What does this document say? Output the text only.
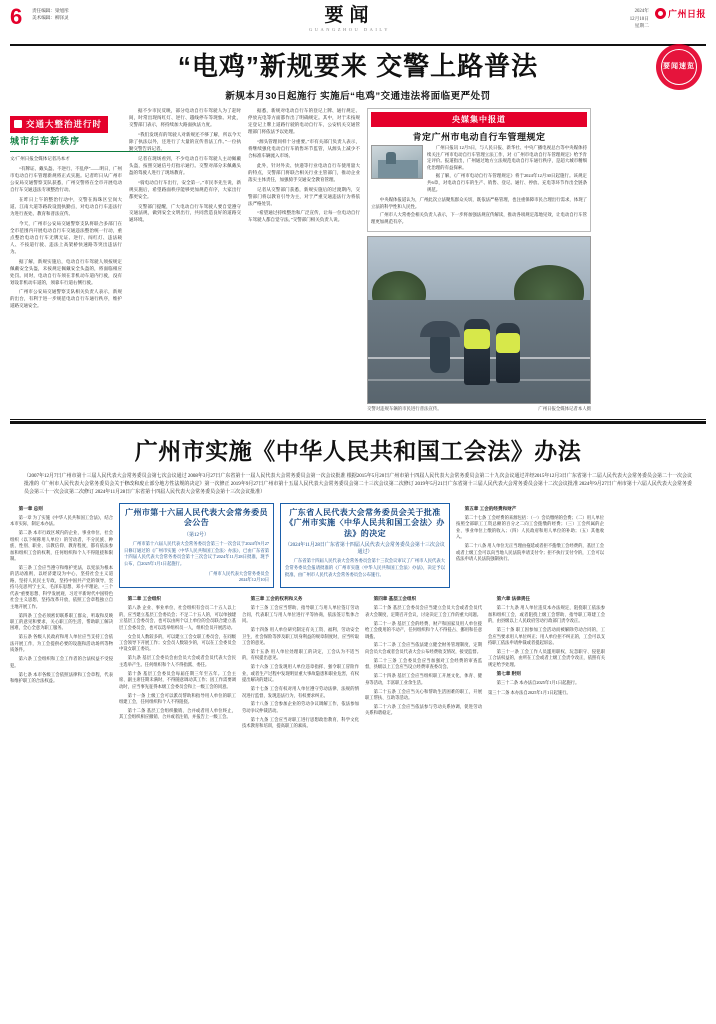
6	责任编辑：梁旭彤
美术编辑：柳泽灵	要闻
GUANGZHOU DAILY
2024年
12月10日
星期二
广州日报
要闻速览
“电鸡”新规要来 交警上路普法
新规本月30日起施行 实施后“电鸡”交通违法将面临更严处罚
交通大整治进行时
城市行车新秩序

文/广州日报全媒体记者冯本才

“有牌证、戴头盔、不逆行、不乱停”——明日，广州市电动自行车管理新规将正式实施。记者昨日从广州市公安局交通警察支队获悉，广州交警将在全市开展电动自行车交通违法专项整治行动。

在昨日上午的整治行动中，交警在海珠区宝岗大道、江南大道等路段设置执勤点，对电动自行车违法行为进行查处、教育和普法宣传。

今天，广州市公安局交通警察支队将联合多部门在全市范围内开展电动自行车交通违法整治统一行动，重点整治电动自行车无牌无证、逆行、闯红灯、违法载人、不按道行驶、违法上高架桥快速路等突出违法行为。

据了解，新规实施后，电动自行车驾驶人须按规定佩戴安全头盔，未按规定佩戴安全头盔的，将面临相应处罚。同时，电动自行车须在非机动车道内行驶，没有划设非机动车道的，须靠车行道右侧行驶。

广州市公安局交通警察支队相关负责人表示，新规的出台，有利于进一步规范电动自行车通行秩序，维护道路交通安全。

据不少市民反映，部分电动自行车驾驶人为了赶时间，时常出现闯红灯、逆行、越线停车等现象。对此，交警部门表示，将持续加大路面执法力度。

“我们发现有的驾驶人对新规还不够了解，所以今天除了执法以外，还进行了大量的宣传普法工作。”一位执勤交警告诉记者。

记者在现场看到，不少电动自行车驾驶人主动佩戴头盔，按照交通信号灯指示通行。交警对部分未佩戴头盔的驾驶人进行了现场教育。

“骑电动自行车出行，安全第一。”市民李先生说，新规实施后，希望路面秩序能够更加规范有序，大家出行都更安全。

交警部门提醒，广大电动自行车驾驶人要自觉遵守交通法规，做到安全文明出行，共同营造良好的道路交通环境。

据悉，新规对电动自行车的登记上牌、通行规定、停放充电等方面都作出了明确规定。其中，对于未按规定登记上牌上道路行驶的电动自行车，公安机关交通管理部门将依法予以处理。

“源头管理同样十分重要。”市有关部门负责人表示，将继续强化电动自行车销售环节监管，从源头上减少不合标准车辆流入市场。

此外，针对外卖、快递等行业电动自行车使用量大的特点，交警部门将联合相关行业主管部门，推动企业落实主体责任，加强骑手交通安全教育管理。

记者从交警部门获悉，新规实施后的过渡期内，交警部门将以教育引导为主，对于严重交通违法行为将依法严格处罚。

“希望通过持续整治和广泛宣传，让每一位电动自行车驾驶人都自觉守法。”交警部门相关负责人说。

央媒集中报道
肯定广州市电动自行车管理规定

广州日报讯 12月5日，与人民日报、新华社、中央广播电视总台等中央媒体持续关注广州市电动自行车管理立法工作，对《广州市电动自行车管理规定》给予肯定评价。报道指出，广州通过地方立法规范电动自行车通行秩序，是超大城市精细化治理的有益探索。

据了解，《广州市电动自行车管理规定》将于2024年12月30日起施行。该规定共6章，对电动自行车的生产、销售、登记、通行、停放、充电等环节作出全链条规范。

中央媒体报道认为，广州此次立法聚焦群众关切，既依法严格管理，也注重保障市民合理出行需求，体现了立法的科学性和人民性。

广州市人大常委会相关负责人表示，下一步将加强法规宣传解读，推动各项规定落地见效，让电动自行车管理更加规范有序。

交警对违规车辆的市民进行普法宣传。	广州日报全媒体记者本人摄
广州市实施《中华人民共和国工会法》办法
（2007年12月7日广州市第十三届人民代表大会常务委员会第七次会议通过 2008年3月27日广东省第十一届人民代表大会常务委员会第一次会议批准 根据2015年5月20日广州市第十四届人民代表大会常务委员会第二十九次会议通过并经2015年12月3日广东省第十二届人民代表大会常务委员会第二十一次会议批准的《广州市人民代表大会常务委员会关于修改和废止部分地方性法规的决定》第一次修正 2019年9月27日广州市第十五届人民代表大会常务委员会第二十三次会议第二次修订 2019年5月21日广东省第十三届人民代表大会常务委员会第十二次会议批准 2024年9月27日广州市第十六届人民代表大会常务委员会第三十一次会议第二次修订 2024年11月28日广东省第十四届人民代表大会常务委员会第十三次会议批准）
第一章 总则

第一章 为了实施《中华人民共和国工会法》，结合本市实际，制定本办法。

第二条 本市行政区域内的企业、事业单位、社会组织（以下统称用人单位）的劳动者，不分民族、种族、性别、职业、宗教信仰、教育程度，都有依法参加和组织工会的权利，任何组织和个人不得阻挠和限制。

第三条 工会应当遵守和维护宪法，以宪法为根本的活动准则，以经济建设为中心，坚持社会主义道路，坚持人民民主专政，坚持中国共产党的领导，坚持马克思列宁主义、毛泽东思想、邓小平理论、“三个代表”重要思想、科学发展观、习近平新时代中国特色社会主义思想，坚持改革开放，依照工会章程独立自主地开展工作。

第四条 工会必须密切联系职工群众，听取和反映职工的意见和要求，关心职工的生活，帮助职工解决困难，全心全意为职工服务。

第五条 各级人民政府和用人单位应当支持工会依法开展工作，为工会提供必要的设施和活动场所等物质条件。

第六条 工会组织和工会工作者的合法权益不受侵犯。

第七条 本市各级工会依照法律和工会章程，代表和维护职工的合法权益。

广州市第十六届人民代表大会常务委员会公告
（第12号）

广州市第十六届人民代表大会常务委员会第三十一次会议于2024年9月27日修订通过的《广州市实施〈中华人民共和国工会法〉办法》，已由广东省第十四届人民代表大会常务委员会第十三次会议于2024年11月28日批准，现予公布，自2025年1月1日起施行。

广州市人民代表大会常务委员会
2024年12月10日
广东省人民代表大会常务委员会关于批准《广州市实施〈中华人民共和国工会法〉办法》的决定
（2024年11月28日广东省第十四届人民代表大会常务委员会第十三次会议通过）

广东省第十四届人民代表大会常务委员会第十三次会议审议了广州市人民代表大会常务委员会报请批准的《广州市实施〈中华人民共和国工会法〉办法》，决定予以批准，由广州市人民代表大会常务委员会公布施行。

第五章 工会的经费和财产

第二十七条 工会经费的来源包括：（一）会员缴纳的会费；（二）用人单位按照全部职工工资总额的百分之二向工会拨缴的经费；（三）工会所属的企业、事业单位上缴的收入；（四）人民政府和用人单位的补助；（五）其他收入。

第二十八条 用人单位无正当理由拖延或者拒不拨缴工会经费的，基层工会或者上级工会可以向当地人民法院申请支付令；拒不执行支付令的，工会可以依法申请人民法院强制执行。

第二章 工会组织

第八条 企业、事业单位、社会组织有会员二十五人以上的，应当建立基层工会委员会；不足二十五人的，可以单独建立基层工会委员会，也可以由两个以上单位的会员联合建立基层工会委员会，也可以选举组织员一人，组织会员开展活动。

女会员人数较多的，可以建立工会女职工委员会，在同级工会领导下开展工作；女会员人数较少的，可以在工会委员会中设女职工委员。

第九条 基层工会委员会由会员大会或者会员代表大会民主选举产生。任何组织和个人不得指派、委任。

第十条 基层工会委员会每届任期三年至五年。工会主席、副主席任期未满时，不得随意调动其工作；因工作需要调动时，应当事先征得本级工会委员会和上一级工会的同意。

第十一条 上级工会可以派员帮助和指导用人单位的职工组建工会，任何组织和个人不得阻挠。

第十二条 基层工会组织撤销、合并或者用人单位终止，其工会组织相应撤销、合并或者注销，并报告上一级工会。

第三章 工会的权利和义务

第十三条 工会应当帮助、指导职工与用人单位签订劳动合同，代表职工与用人单位进行平等协商，依法签订集体合同。

第十四条 用人单位研究制定有关工资、福利、劳动安全卫生、社会保险等涉及职工切身利益的规章制度时，应当听取工会的意见。

第十五条 用人单位处理职工的决定，工会认为不适当的，有权提出意见。

第十六条 工会发现用人单位违章指挥、强令职工冒险作业，或者生产过程中发现明显重大事故隐患和职业危害，有权提出解决的建议。

第十七条 工会有权对用人单位遵守劳动法律、法规的情况进行监督，发现违法行为，有权要求纠正。

第十八条 工会参加企业的劳动争议调解工作，依法参加劳动争议仲裁活动。

第十九条 工会应当对职工进行思想政治教育、科学文化技术教育和培训，提高职工的素质。

第四章 基层工会组织

第二十条 基层工会委员会应当建立会员大会或者会员代表大会制度，定期召开会议，讨论决定工会工作的重大问题。

第二十一条 基层工会的经费、财产和国家及用人单位拨给工会使用的不动产，任何组织和个人不得侵占、挪用和任意调拨。

第二十二条 工会应当依法建立健全财务管理制度，定期向会员大会或者会员代表大会公布经费收支情况，接受监督。

第二十三条 工会委员会应当加强对工会经费的审查监督，县级以上工会应当设立经费审查委员会。

第二十四条 基层工会应当组织职工开展文化、体育、健身等活动，丰富职工业余生活。

第二十五条 工会应当关心和帮助生活困难的职工，开展职工帮扶、互助等活动。

第二十六条 工会应当依法参与劳动关系协调，促进劳动关系和谐稳定。

第六章 法律责任

第二十九条 用人单位违反本办法规定，阻挠职工依法参加和组织工会，或者阻挠上级工会帮助、指导职工筹建工会的，由县级以上人民政府劳动行政部门责令改正。

第三十条 职工因参加工会活动而被解除劳动合同的，工会应当要求用人单位纠正；用人单位拒不纠正的，工会可以支持职工依法申请仲裁或者提起诉讼。

第三十一条 工会工作人员滥用职权、玩忽职守、侵犯职工合法权益的，由所在工会或者上级工会责令改正，依照有关规定给予处理。

第七章 附则

第三十二条 本办法自2025年1月1日起施行。

第三十二条 本办法自2025年1月1日起施行。
